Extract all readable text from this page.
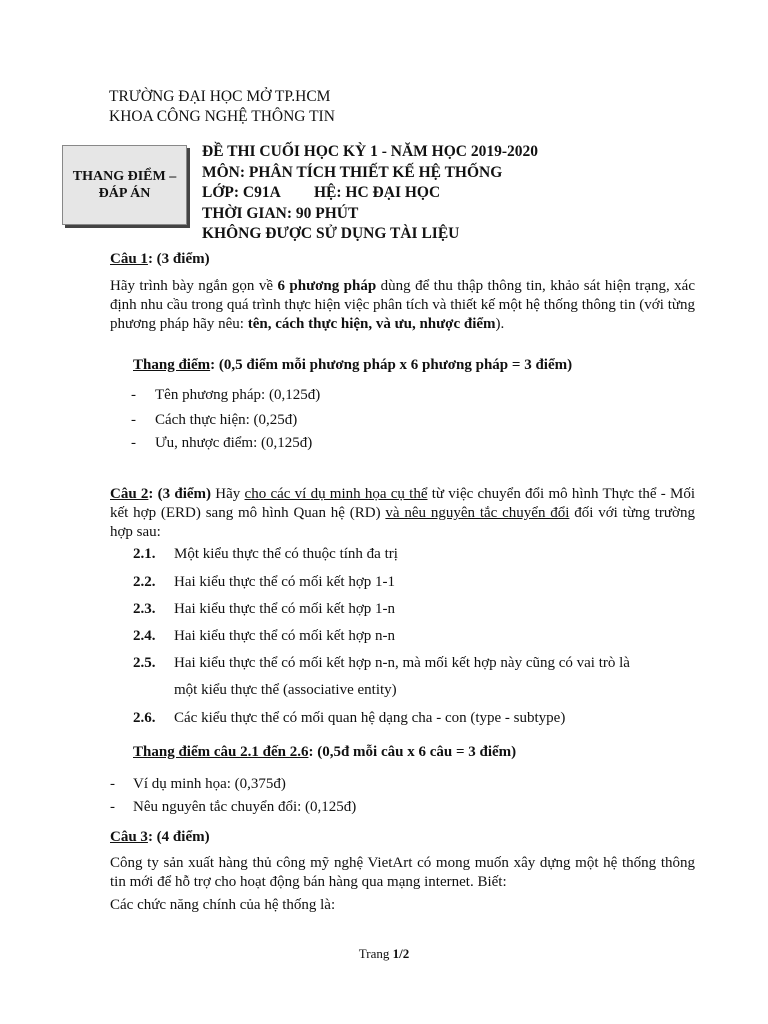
TRƯỜNG ĐẠI HỌC MỞ TP.HCM
KHOA CÔNG NGHỆ THÔNG TIN
THANG ĐIỂM –
ĐÁP ÁN
ĐỀ THI CUỐI HỌC KỲ 1 - NĂM HỌC 2019-2020
MÔN: PHÂN TÍCH THIẾT KẾ HỆ THỐNG
LỚP: C91A HỆ: HC ĐẠI HỌC
THỜI GIAN: 90 PHÚT
KHÔNG ĐƯỢC SỬ DỤNG TÀI LIỆU
Câu 1: (3 điểm)
Hãy trình bày ngắn gọn về 6 phương pháp dùng để thu thập thông tin, khảo sát hiện trạng, xác định nhu cầu trong quá trình thực hiện việc phân tích và thiết kế một hệ thống thông tin (với từng phương pháp hãy nêu: tên, cách thực hiện, và ưu, nhược điểm).
Thang điểm: (0,5 điểm mỗi phương pháp x 6 phương pháp = 3 điểm)
- Tên phương pháp: (0,125đ)
- Cách thực hiện: (0,25đ)
- Ưu, nhược điểm: (0,125đ)
Câu 2: (3 điểm) Hãy cho các ví dụ minh họa cụ thể từ việc chuyển đổi mô hình Thực thể - Mối kết hợp (ERD) sang mô hình Quan hệ (RD) và nêu nguyên tắc chuyển đổi đối với từng trường hợp sau:
2.1. Một kiểu thực thể có thuộc tính đa trị
2.2. Hai kiểu thực thể có mối kết hợp 1-1
2.3. Hai kiểu thực thể có mối kết hợp 1-n
2.4. Hai kiểu thực thể có mối kết hợp n-n
2.5. Hai kiểu thực thể có mối kết hợp n-n, mà mối kết hợp này cũng có vai trò là
một kiểu thực thể (associative entity)
2.6. Các kiểu thực thể có mối quan hệ dạng cha - con (type - subtype)
Thang điểm câu 2.1 đến 2.6: (0,5đ mỗi câu x 6 câu = 3 điểm)
- Ví dụ minh họa: (0,375đ)
- Nêu nguyên tắc chuyển đổi: (0,125đ)
Câu 3: (4 điểm)
Công ty sản xuất hàng thủ công mỹ nghệ VietArt có mong muốn xây dựng một hệ thống thông tin mới để hỗ trợ cho hoạt động bán hàng qua mạng internet. Biết:
Các chức năng chính của hệ thống là:
Trang 1/2
